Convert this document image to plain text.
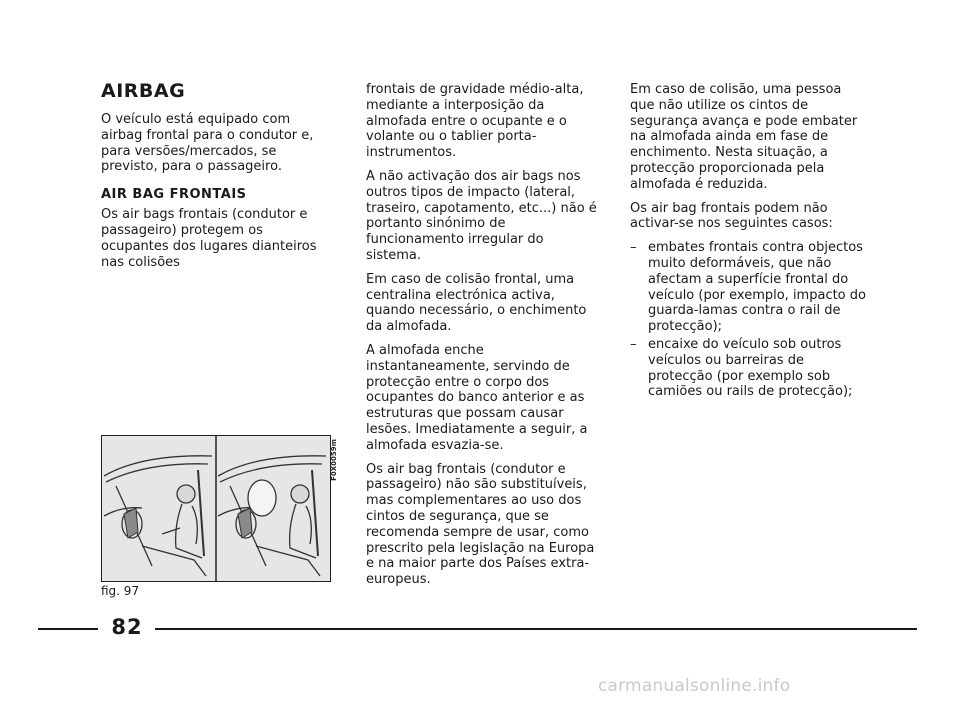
AIRBAG

O veículo está equipado com airbag frontal para o condutor e, para versões/mercados, se previsto, para o passageiro.

AIR BAG FRONTAIS

Os air bags frontais (condutor e passageiro) protegem os ocupantes dos lugares dianteiros nas colisões

frontais de gravidade médio-alta, mediante a interposição da almofada entre o ocupante e o volante ou o tablier porta-instrumentos.

A não activação dos air bags nos outros tipos de impacto (lateral, traseiro, capotamento, etc...) não é portanto sinónimo de funcionamento irregular do sistema.

Em caso de colisão frontal, uma centralina electrónica activa, quando necessário, o enchimento da almofada.

A almofada enche instantaneamente, servindo de protecção entre o corpo dos ocupantes do banco anterior e as estruturas que possam causar lesões. Imediatamente a seguir, a almofada esvazia-se.

Os air bag frontais (condutor e passageiro) não são substituíveis, mas complementares ao uso dos cintos de segurança, que se recomenda sempre de usar, como prescrito pela legislação na Europa e na maior parte dos Países extra-europeus.

Em caso de colisão, uma pessoa que não utilize os cintos de segurança avança e pode embater na almofada ainda em fase de enchimento. Nesta situação, a protecção proporcionada pela almofada é reduzida.

Os air bag frontais podem não activar-se nos seguintes casos:

– embates frontais contra objectos muito deformáveis, que não afectam a superfície frontal do veículo (por exemplo, impacto do guarda-lamas contra o rail de protecção);
– encaixe do veículo sob outros veículos ou barreiras de protecção (por exemplo sob camiões ou rails de protecção);
F0X0059m
fig. 97
82
carmanualsonline.info
